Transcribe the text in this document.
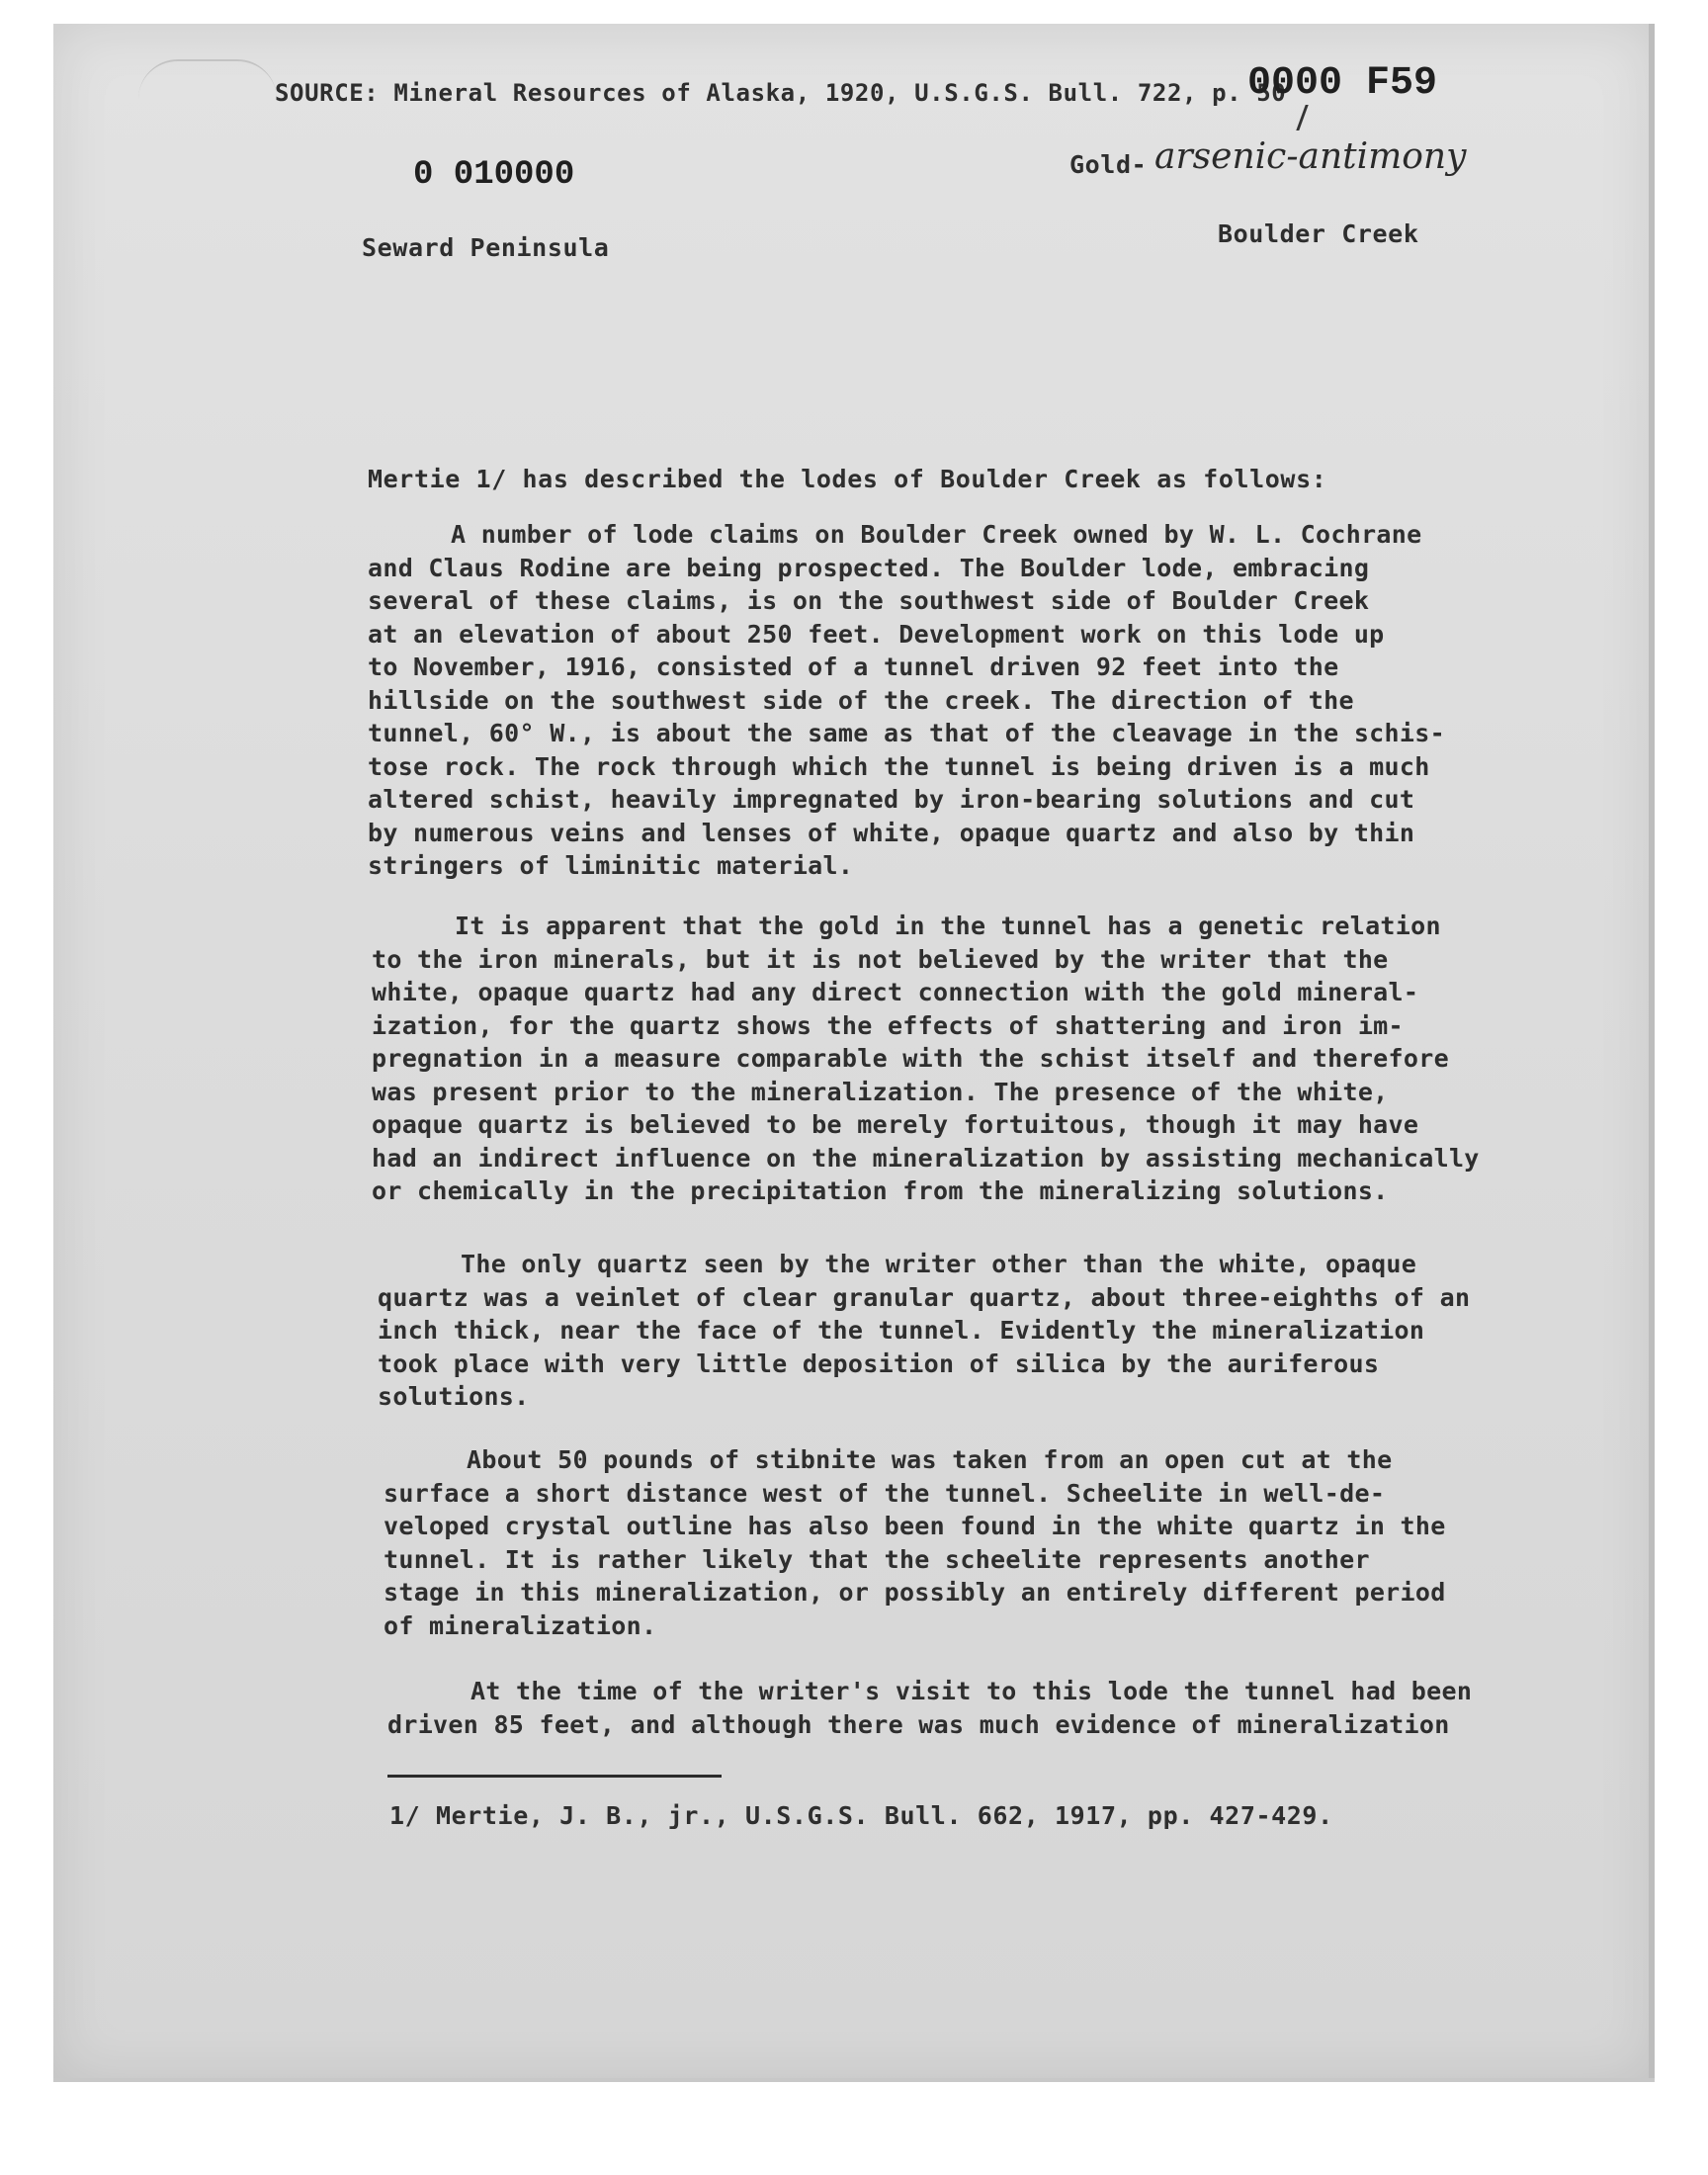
SOURCE: Mineral Resources of Alaska, 1920, U.S.G.S. Bull. 722, p. 50
0000 F59
0 010000	Gold- arsenic-antimony
Seward Peninsula	Boulder Creek
Mertie 1/ has described the lodes of Boulder Creek as follows:
A number of lode claims on Boulder Creek owned by W. L. Cochrane
and Claus Rodine are being prospected. The Boulder lode, embracing
several of these claims, is on the southwest side of Boulder Creek
at an elevation of about 250 feet. Development work on this lode up
to November, 1916, consisted of a tunnel driven 92 feet into the
hillside on the southwest side of the creek. The direction of the
tunnel, 60° W., is about the same as that of the cleavage in the schis-
tose rock. The rock through which the tunnel is being driven is a much
altered schist, heavily impregnated by iron-bearing solutions and cut
by numerous veins and lenses of white, opaque quartz and also by thin
stringers of liminitic material.
It is apparent that the gold in the tunnel has a genetic relation
to the iron minerals, but it is not believed by the writer that the
white, opaque quartz had any direct connection with the gold mineral-
ization, for the quartz shows the effects of shattering and iron im-
pregnation in a measure comparable with the schist itself and therefore
was present prior to the mineralization. The presence of the white,
opaque quartz is believed to be merely fortuitous, though it may have
had an indirect influence on the mineralization by assisting mechanically
or chemically in the precipitation from the mineralizing solutions.
The only quartz seen by the writer other than the white, opaque
quartz was a veinlet of clear granular quartz, about three-eighths of an
inch thick, near the face of the tunnel. Evidently the mineralization
took place with very little deposition of silica by the auriferous
solutions.
About 50 pounds of stibnite was taken from an open cut at the
surface a short distance west of the tunnel. Scheelite in well-de-
veloped crystal outline has also been found in the white quartz in the
tunnel. It is rather likely that the scheelite represents another
stage in this mineralization, or possibly an entirely different period
of mineralization.
At the time of the writer's visit to this lode the tunnel had been
driven 85 feet, and although there was much evidence of mineralization
1/ Mertie, J. B., jr., U.S.G.S. Bull. 662, 1917, pp. 427-429.
